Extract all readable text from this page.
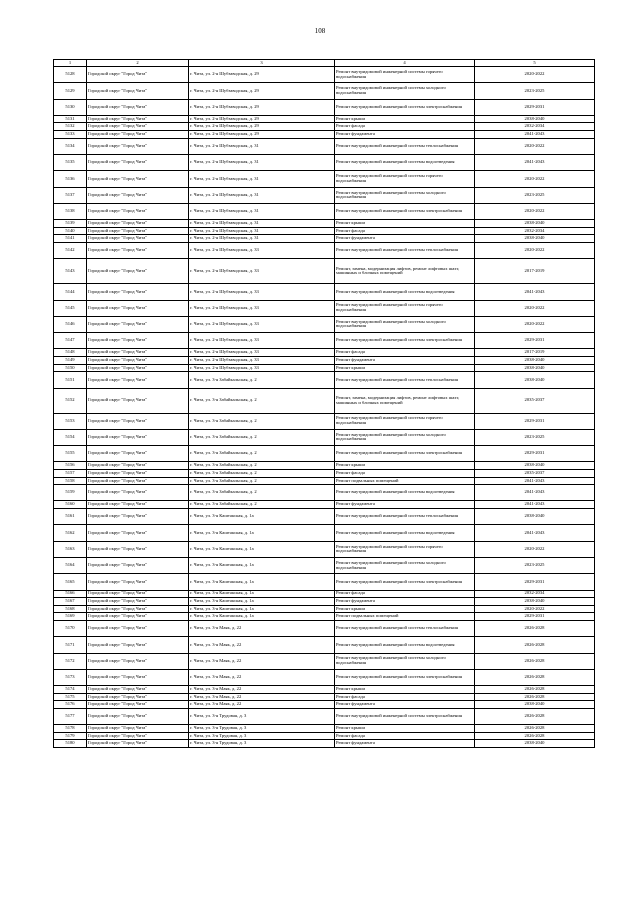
108
1	2	3	4	5
5128	Городской округ "Город Чита"	г. Чита, ул. 2-я Шубзаводская, д. 29	Ремонт внутридомовой инженерной системы горячего водоснабжения	2020-2022
5129	Городской округ "Город Чита"	г. Чита, ул. 2-я Шубзаводская, д. 29	Ремонт внутридомовой инженерной системы холодного водоснабжения	2023-2025
5130	Городской округ "Город Чита"	г. Чита, ул. 2-я Шубзаводская, д. 29	Ремонт внутридомовой инженерной системы электроснабжения	2029-2031
5131	Городской округ "Город Чита"	г. Чита, ул. 2-я Шубзаводская, д. 29	Ремонт крыши	2038-2040
5132	Городской округ "Город Чита"	г. Чита, ул. 2-я Шубзаводская, д. 29	Ремонт фасада	2032-2034
5133	Городской округ "Город Чита"	г. Чита, ул. 2-я Шубзаводская, д. 29	Ремонт фундамента	2041-2043
5134	Городской округ "Город Чита"	г. Чита, ул. 2-я Шубзаводская, д. 31	Ремонт внутридомовой инженерной системы теплоснабжения	2020-2022
5135	Городской округ "Город Чита"	г. Чита, ул. 2-я Шубзаводская, д. 31	Ремонт внутридомовой инженерной системы водоотведения	2041-2043
5136	Городской округ "Город Чита"	г. Чита, ул. 2-я Шубзаводская, д. 31	Ремонт внутридомовой инженерной системы горячего водоснабжения	2020-2022
5137	Городской округ "Город Чита"	г. Чита, ул. 2-я Шубзаводская, д. 31	Ремонт внутридомовой инженерной системы холодного водоснабжения	2023-2025
5138	Городской округ "Город Чита"	г. Чита, ул. 2-я Шубзаводская, д. 31	Ремонт внутридомовой инженерной системы электроснабжения	2020-2022
5139	Городской округ "Город Чита"	г. Чита, ул. 2-я Шубзаводская, д. 31	Ремонт крыши	2038-2040
5140	Городской округ "Город Чита"	г. Чита, ул. 2-я Шубзаводская, д. 31	Ремонт фасада	2032-2034
5141	Городской округ "Город Чита"	г. Чита, ул. 2-я Шубзаводская, д. 31	Ремонт фундамента	2038-2040
5142	Городской округ "Город Чита"	г. Чита, ул. 2-я Шубзаводская, д. 33	Ремонт внутридомовой инженерной системы теплоснабжения	2020-2022
5143	Городской округ "Город Чита"	г. Чита, ул. 2-я Шубзаводская, д. 33	Ремонт, замена, модернизация лифтов, ремонт лифтовых шахт, машинных и блочных помещений	2017-2019
5144	Городской округ "Город Чита"	г. Чита, ул. 2-я Шубзаводская, д. 33	Ремонт внутридомовой инженерной системы водоотведения	2041-2043
5145	Городской округ "Город Чита"	г. Чита, ул. 2-я Шубзаводская, д. 33	Ремонт внутридомовой инженерной системы горячего водоснабжения	2020-2022
5146	Городской округ "Город Чита"	г. Чита, ул. 2-я Шубзаводская, д. 33	Ремонт внутридомовой инженерной системы холодного водоснабжения	2020-2022
5147	Городской округ "Город Чита"	г. Чита, ул. 2-я Шубзаводская, д. 33	Ремонт внутридомовой инженерной системы электроснабжения	2029-2031
5148	Городской округ "Город Чита"	г. Чита, ул. 2-я Шубзаводская, д. 33	Ремонт фасада	2017-2019
5149	Городской округ "Город Чита"	г. Чита, ул. 2-я Шубзаводская, д. 33	Ремонт фундамента	2038-2040
5150	Городской округ "Город Чита"	г. Чита, ул. 2-я Шубзаводская, д. 33	Ремонт крыши	2038-2040
5151	Городской округ "Город Чита"	г. Чита, ул. 3-я Забайкальская, д. 2	Ремонт внутридомовой инженерной системы теплоснабжения	2038-2040
5152	Городской округ "Город Чита"	г. Чита, ул. 3-я Забайкальская, д. 2	Ремонт, замена, модернизация лифтов, ремонт лифтовых шахт, машинных и блочных помещений	2035-2037
5153	Городской округ "Город Чита"	г. Чита, ул. 3-я Забайкальская, д. 2	Ремонт внутридомовой инженерной системы горячего водоснабжения	2029-2031
5154	Городской округ "Город Чита"	г. Чита, ул. 3-я Забайкальская, д. 2	Ремонт внутридомовой инженерной системы холодного водоснабжения	2023-2025
5155	Городской округ "Город Чита"	г. Чита, ул. 3-я Забайкальская, д. 2	Ремонт внутридомовой инженерной системы электроснабжения	2029-2031
5156	Городской округ "Город Чита"	г. Чита, ул. 3-я Забайкальская, д. 2	Ремонт крыши	2038-2040
5157	Городской округ "Город Чита"	г. Чита, ул. 3-я Забайкальская, д. 2	Ремонт фасада	2035-2037
5158	Городской округ "Город Чита"	г. Чита, ул. 3-я Забайкальская, д. 2	Ремонт подвальных помещений	2041-2043
5159	Городской округ "Город Чита"	г. Чита, ул. 3-я Забайкальская, д. 2	Ремонт внутридомовой инженерной системы водоотведения	2041-2043
5160	Городской округ "Город Чита"	г. Чита, ул. 3-я Забайкальская, д. 2	Ремонт фундамента	2041-2043
5161	Городской округ "Город Чита"	г. Чита, ул. 3-я Каштакская, д. 1а	Ремонт внутридомовой инженерной системы теплоснабжения	2038-2040
5162	Городской округ "Город Чита"	г. Чита, ул. 3-я Каштакская, д. 1а	Ремонт внутридомовой инженерной системы водоотведения	2041-2043
5163	Городской округ "Город Чита"	г. Чита, ул. 3-я Каштакская, д. 1а	Ремонт внутридомовой инженерной системы горячего водоснабжения	2020-2022
5164	Городской округ "Город Чита"	г. Чита, ул. 3-я Каштакская, д. 1а	Ремонт внутридомовой инженерной системы холодного водоснабжения	2023-2025
5165	Городской округ "Город Чита"	г. Чита, ул. 3-я Каштакская, д. 1а	Ремонт внутридомовой инженерной системы электроснабжения	2029-2031
5166	Городской округ "Город Чита"	г. Чита, ул. 3-я Каштакская, д. 1а	Ремонт фасада	2032-2034
5167	Городской округ "Город Чита"	г. Чита, ул. 3-я Каштакская, д. 1а	Ремонт фундамента	2038-2040
5168	Городской округ "Город Чита"	г. Чита, ул. 3-я Каштакская, д. 1а	Ремонт крыши	2020-2022
5169	Городской округ "Город Чита"	г. Чита, ул. 3-я Каштакская, д. 1а	Ремонт подвальных помещений	2029-2031
5170	Городской округ "Город Чита"	г. Чита, ул. 3-я Маяк, д. 22	Ремонт внутридомовой инженерной системы теплоснабжения	2026-2028
5171	Городской округ "Город Чита"	г. Чита, ул. 3-я Маяк, д. 22	Ремонт внутридомовой инженерной системы водоотведения	2026-2028
5172	Городской округ "Город Чита"	г. Чита, ул. 3-я Маяк, д. 22	Ремонт внутридомовой инженерной системы холодного водоснабжения	2026-2028
5173	Городской округ "Город Чита"	г. Чита, ул. 3-я Маяк, д. 22	Ремонт внутридомовой инженерной системы электроснабжения	2026-2028
5174	Городской округ "Город Чита"	г. Чита, ул. 3-я Маяк, д. 22	Ремонт крыши	2026-2028
5175	Городской округ "Город Чита"	г. Чита, ул. 3-я Маяк, д. 22	Ремонт фасада	2026-2028
5176	Городской округ "Город Чита"	г. Чита, ул. 3-я Маяк, д. 22	Ремонт фундамента	2038-2040
5177	Городской округ "Город Чита"	г. Чита, ул. 3-я Трудовая, д. 3	Ремонт внутридомовой инженерной системы электроснабжения	2026-2028
5178	Городской округ "Город Чита"	г. Чита, ул. 3-я Трудовая, д. 3	Ремонт крыши	2026-2028
5179	Городской округ "Город Чита"	г. Чита, ул. 3-я Трудовая, д. 3	Ремонт фасада	2026-2028
5180	Городской округ "Город Чита"	г. Чита, ул. 3-я Трудовая, д. 3	Ремонт фундамента	2038-2040
